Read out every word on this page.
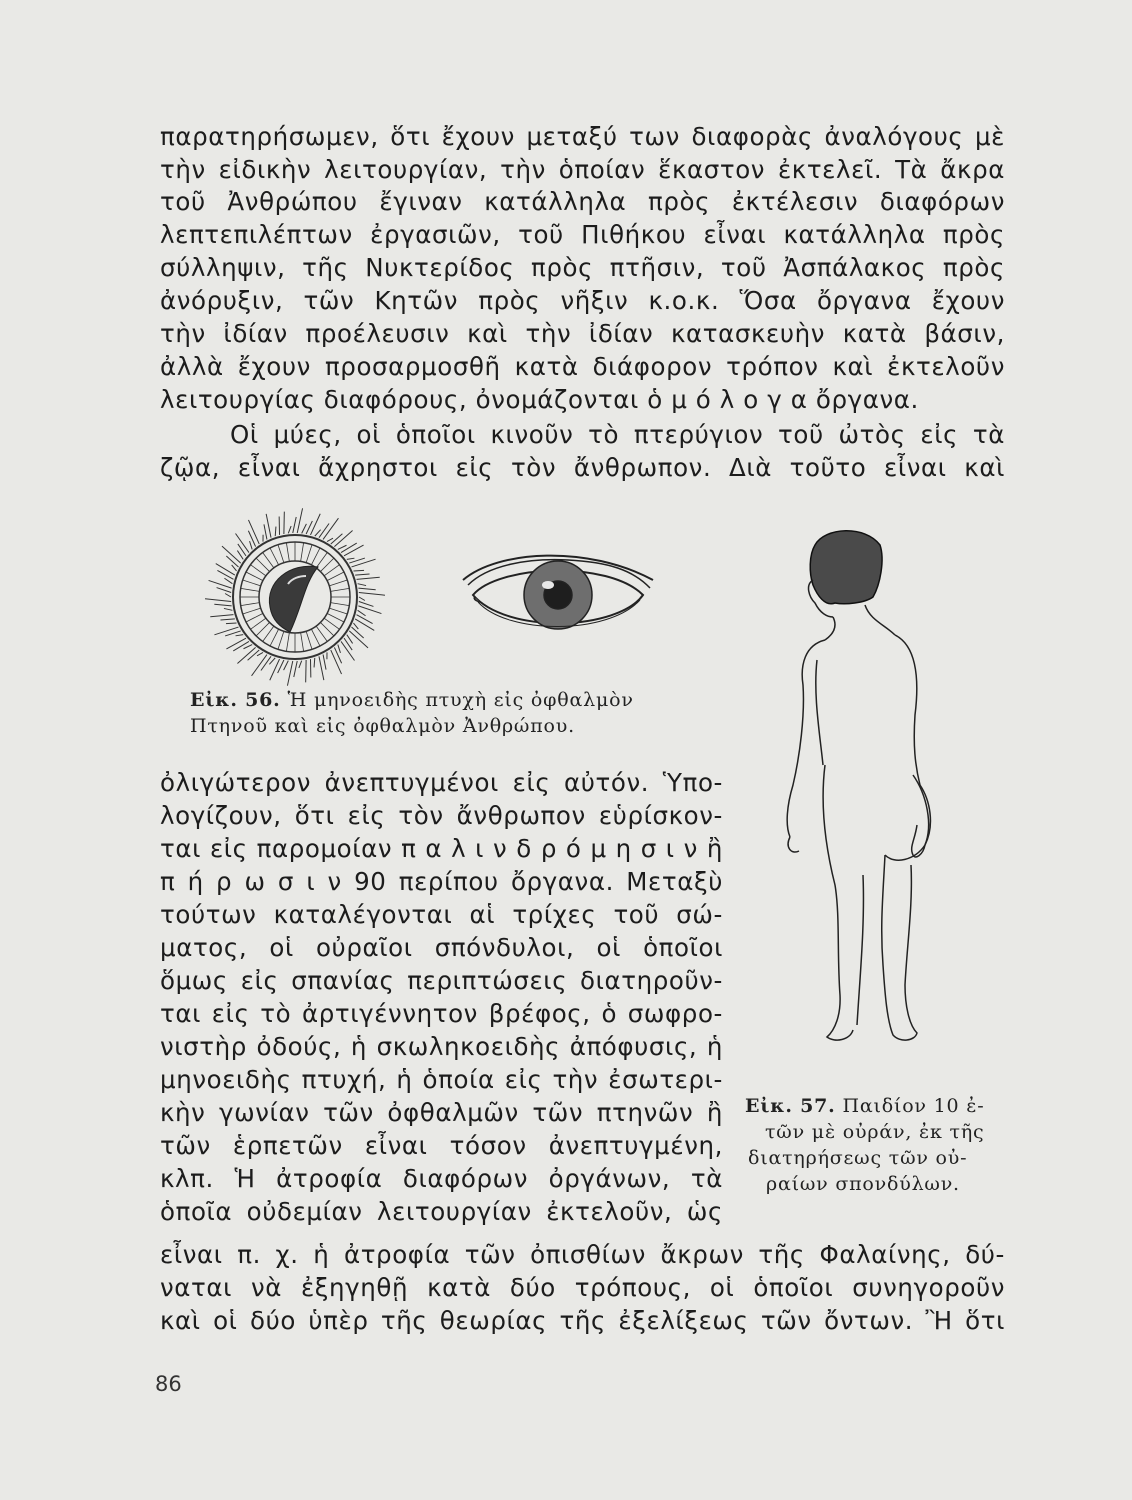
παρατηρήσωμεν, ὅτι ἔχουν μεταξύ των διαφορὰς ἀναλόγους μὲ
τὴν εἰδικὴν λειτουργίαν, τὴν ὁποίαν ἕκαστον ἐκτελεῖ. Τὰ ἄκρα
τοῦ Ἀνθρώπου ἔγιναν κατάλληλα πρὸς ἐκτέλεσιν διαφόρων
λεπτεπιλέπτων ἐργασιῶν, τοῦ Πιθήκου εἶναι κατάλληλα πρὸς
σύλληψιν, τῆς Νυκτερίδος πρὸς πτῆσιν, τοῦ Ἀσπάλακος πρὸς
ἀνόρυξιν, τῶν Κητῶν πρὸς νῆξιν κ.ο.κ. Ὅσα ὄργανα ἔχουν
τὴν ἰδίαν προέλευσιν καὶ τὴν ἰδίαν κατασκευὴν κατὰ βάσιν,
ἀλλὰ ἔχουν προσαρμοσθῆ κατὰ διάφορον τρόπον καὶ ἐκτελοῦν
λειτουργίας διαφόρους, ὀνομάζονται ὁ μ ό λ ο γ α ὄργανα.
Οἱ μύες, οἱ ὁποῖοι κινοῦν τὸ πτερύγιον τοῦ ὠτὸς εἰς τὰ
ζῷα, εἶναι ἄχρηστοι εἰς τὸν ἄνθρωπον. Διὰ τοῦτο εἶναι καὶ
Εἰκ. 56. Ἡ μηνοειδὴς πτυχὴ εἰς ὀφθαλμὸν
Πτηνοῦ καὶ εἰς ὀφθαλμὸν Ἀνθρώπου.
Εἰκ. 57. Παιδίον 10 ἐ-
τῶν μὲ οὐράν, ἐκ τῆς
διατηρήσεως τῶν οὐ-
ραίων σπονδύλων.
ὀλιγώτερον ἀνεπτυγμένοι εἰς αὐτόν. Ὑπο-
λογίζουν, ὅτι εἰς τὸν ἄνθρωπον εὑρίσκον-
ται εἰς παρομοίαν π α λ ι ν δ ρ ό μ η σ ι ν ἢ
π ή ρ ω σ ι ν 90 περίπου ὄργανα. Μεταξὺ
τούτων καταλέγονται αἱ τρίχες τοῦ σώ-
ματος, οἱ οὐραῖοι σπόνδυλοι, οἱ ὁποῖοι
ὅμως εἰς σπανίας περιπτώσεις διατηροῦν-
ται εἰς τὸ ἀρτιγέννητον βρέφος, ὁ σωφρο-
νιστὴρ ὀδούς, ἡ σκωληκοειδὴς ἀπόφυσις, ἡ
μηνοειδὴς πτυχή, ἡ ὁποία εἰς τὴν ἐσωτερι-
κὴν γωνίαν τῶν ὀφθαλμῶν τῶν πτηνῶν ἢ
τῶν ἑρπετῶν εἶναι τόσον ἀνεπτυγμένη,
κλπ. Ἡ ἀτροφία διαφόρων ὀργάνων, τὰ
ὁποῖα οὐδεμίαν λειτουργίαν ἐκτελοῦν, ὡς
εἶναι π. χ. ἡ ἀτροφία τῶν ὀπισθίων ἄκρων τῆς Φαλαίνης, δύ-
ναται νὰ ἐξηγηθῇ κατὰ δύο τρόπους, οἱ ὁποῖοι συνηγοροῦν
καὶ οἱ δύο ὑπὲρ τῆς θεωρίας τῆς ἐξελίξεως τῶν ὄντων. Ἢ ὅτι
86
